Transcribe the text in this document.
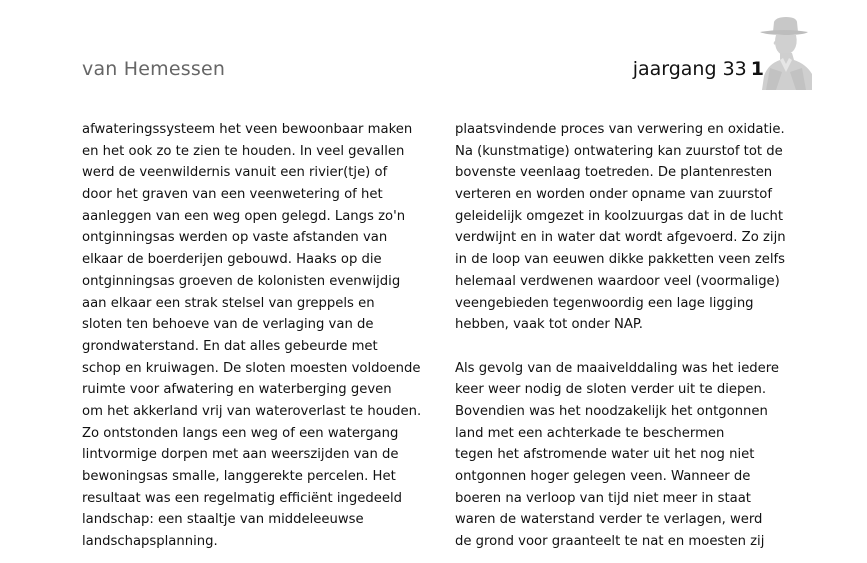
van Hemessen	jaargang 33 1
afwateringssysteem het veen bewoonbaar maken
en het ook zo te zien te houden. In veel gevallen
werd de veenwildernis vanuit een rivier(tje) of
door het graven van een veenwetering of het
aanleggen van een weg open gelegd. Langs zo'n
ontginningsas werden op vaste afstanden van
elkaar de boerderijen gebouwd. Haaks op die
ontginningsas groeven de kolonisten evenwijdig
aan elkaar een strak stelsel van greppels en
sloten ten behoeve van de verlaging van de
grondwaterstand. En dat alles gebeurde met
schop en kruiwagen. De sloten moesten voldoende
ruimte voor afwatering en waterberging geven
om het akkerland vrij van wateroverlast te houden.
Zo ontstonden langs een weg of een watergang
lintvormige dorpen met aan weerszijden van de
bewoningsas smalle, langgerekte percelen. Het
resultaat was een regelmatig efficiënt ingedeeld
landschap: een staaltje van middeleeuwse
landschapsplanning.
plaatsvindende proces van verwering en oxidatie.
Na (kunstmatige) ontwatering kan zuurstof tot de
bovenste veenlaag toetreden. De plantenresten
verteren en worden onder opname van zuurstof
geleidelijk omgezet in koolzuurgas dat in de lucht
verdwijnt en in water dat wordt afgevoerd. Zo zijn
in de loop van eeuwen dikke pakketten veen zelfs
helemaal verdwenen waardoor veel (voormalige)
veengebieden tegenwoordig een lage ligging
hebben, vaak tot onder NAP.
Als gevolg van de maaivelddaling was het iedere
keer weer nodig de sloten verder uit te diepen.
Bovendien was het noodzakelijk het ontgonnen
land met een achterkade te beschermen
tegen het afstromende water uit het nog niet
ontgonnen hoger gelegen veen. Wanneer de
boeren na verloop van tijd niet meer in staat
waren de waterstand verder te verlagen, werd
de grond voor graanteelt te nat en moesten zij
